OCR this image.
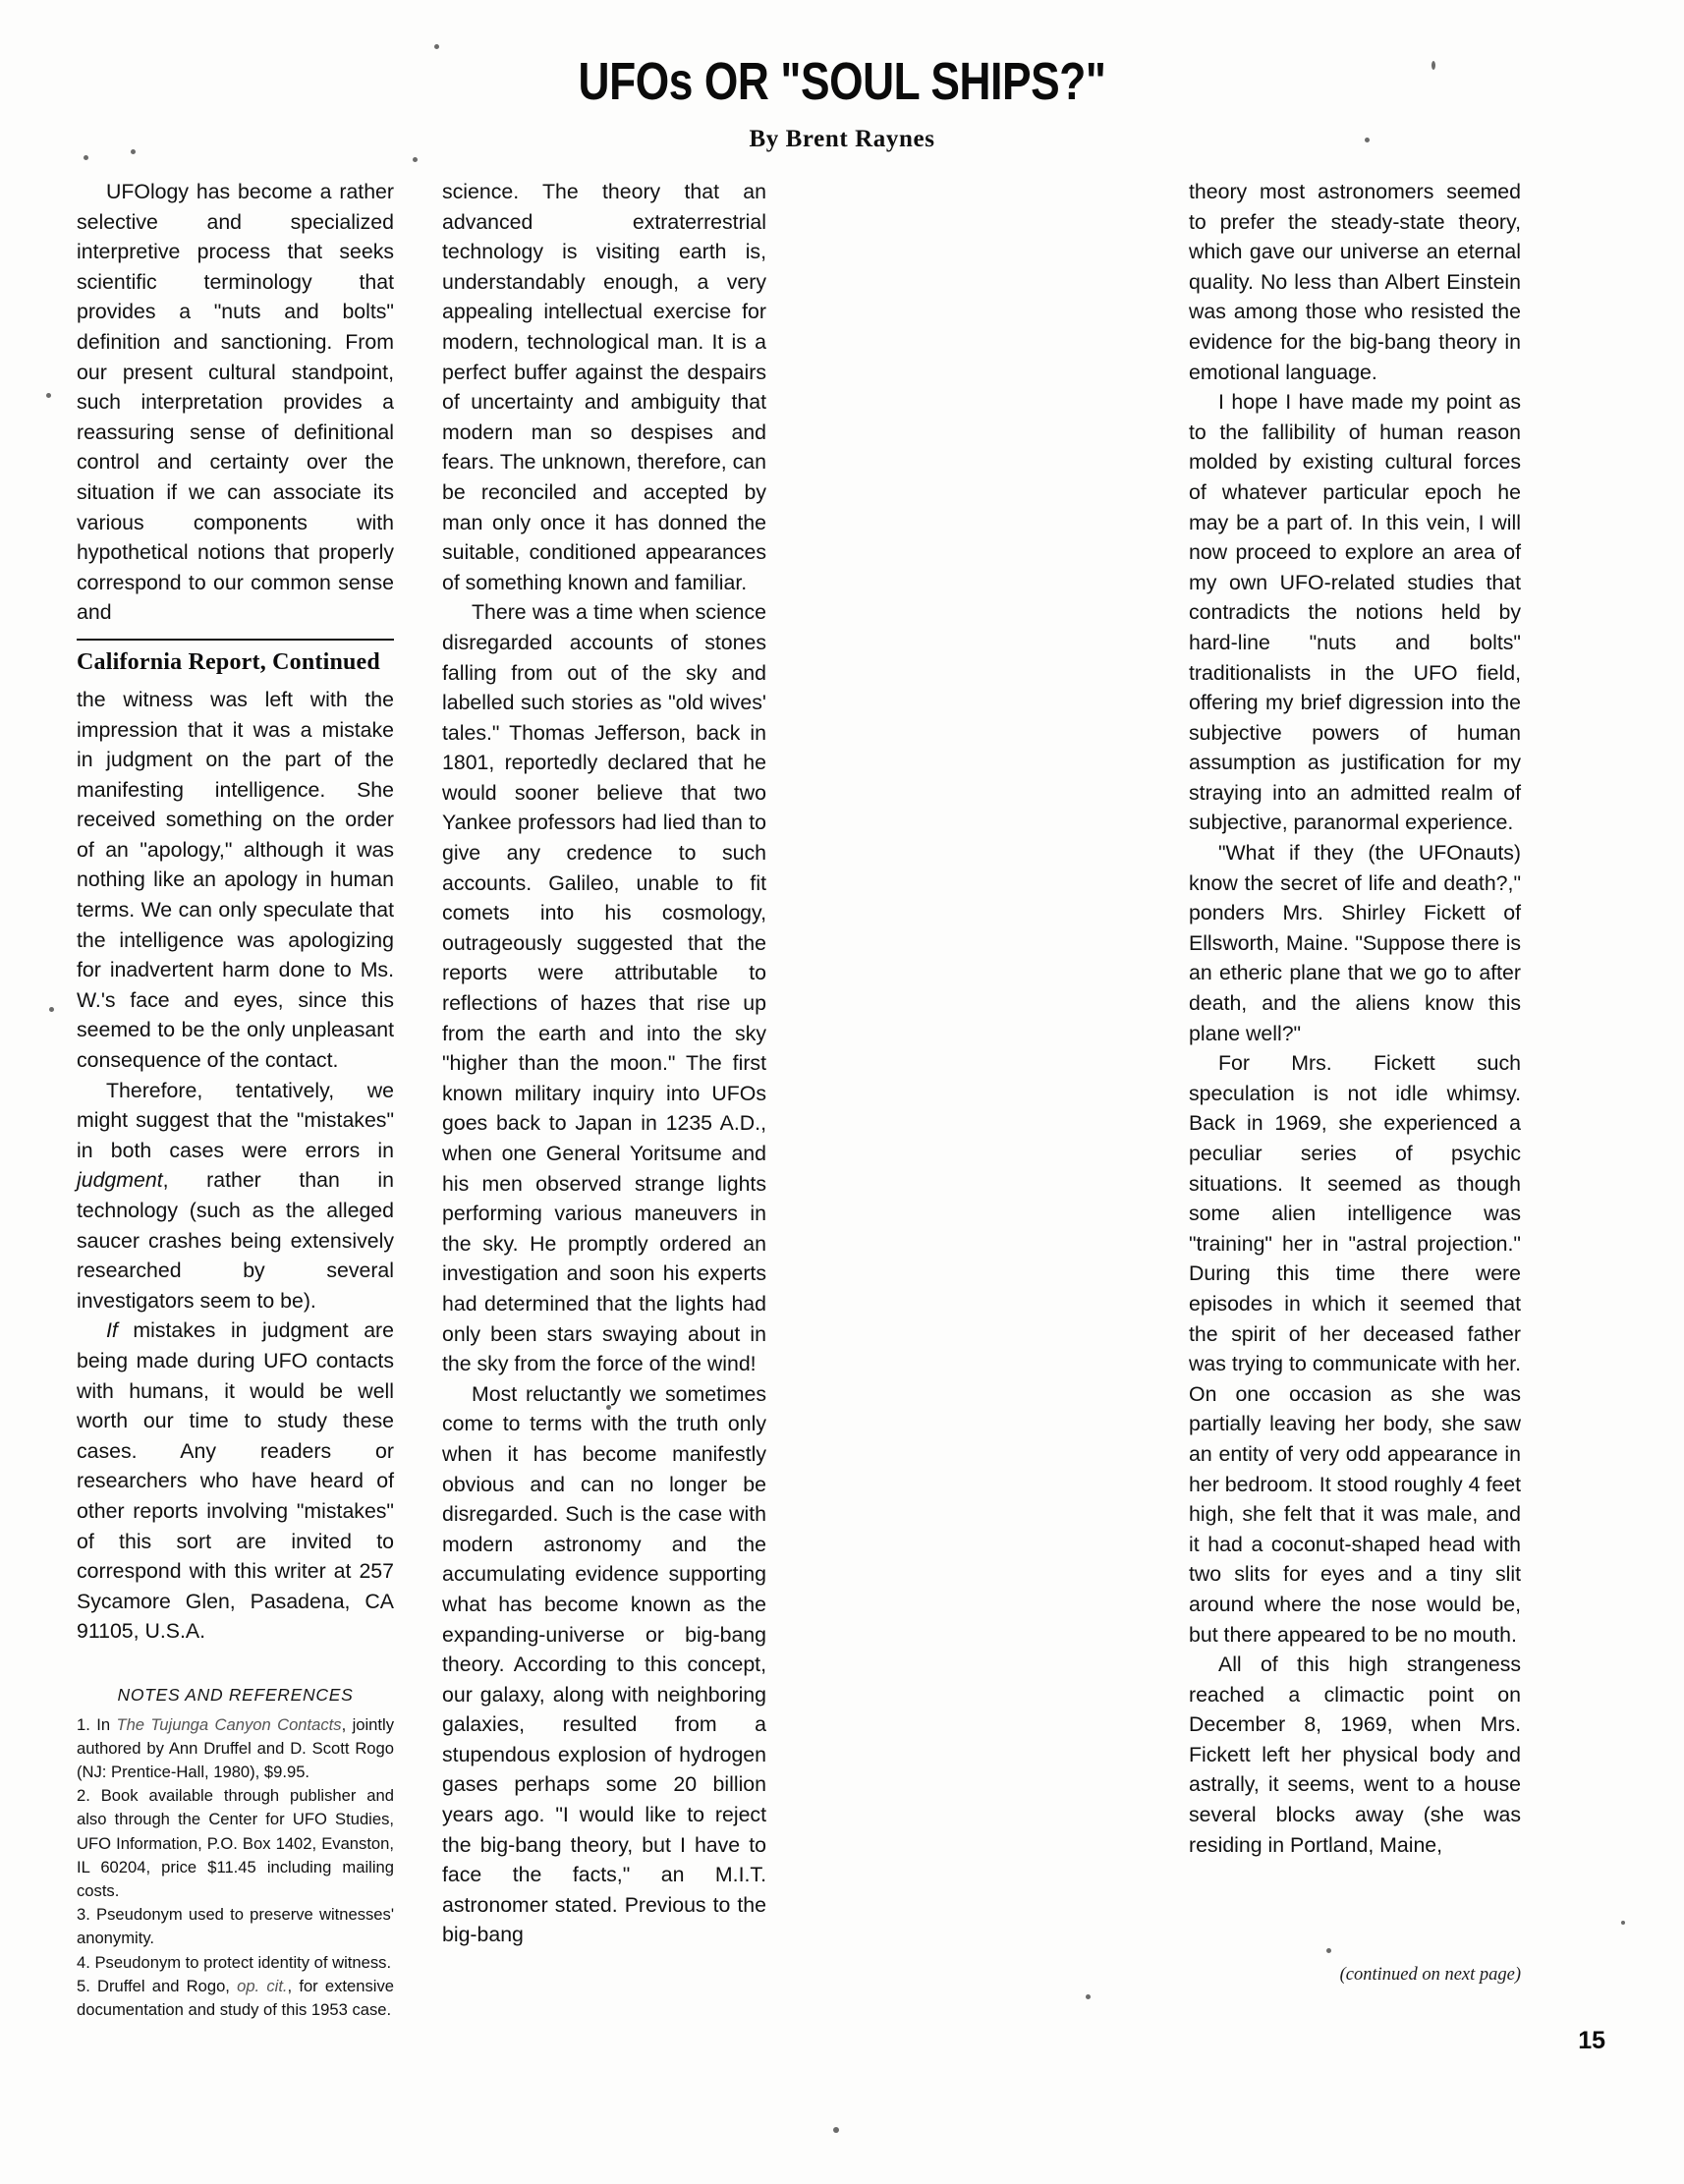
UFOs OR "SOUL SHIPS?"
By Brent Raynes

UFOlogy has become a rather selective and specialized interpretive process that seeks scientific terminology that provides a "nuts and bolts" definition and sanctioning. From our present cultural standpoint, such interpretation provides a reassuring sense of definitional control and certainty over the situation if we can associate its various components with hypothetical notions that properly correspond to our common sense and

California Report, Continued

the witness was left with the impression that it was a mistake in judgment on the part of the manifesting intelligence. She received something on the order of an "apology," although it was nothing like an apology in human terms. We can only speculate that the intelligence was apologizing for inadvertent harm done to Ms. W.'s face and eyes, since this seemed to be the only unpleasant consequence of the contact.

Therefore, tentatively, we might suggest that the "mistakes" in both cases were errors in judgment, rather than in technology (such as the alleged saucer crashes being extensively researched by several investigators seem to be).

If mistakes in judgment are being made during UFO contacts with humans, it would be well worth our time to study these cases. Any readers or researchers who have heard of other reports involving "mistakes" of this sort are invited to correspond with this writer at 257 Sycamore Glen, Pasadena, CA 91105, U.S.A.

NOTES AND REFERENCES

1. In The Tujunga Canyon Contacts, jointly authored by Ann Druffel and D. Scott Rogo (NJ: Prentice-Hall, 1980), $9.95.

2. Book available through publisher and also through the Center for UFO Studies, UFO Information, P.O. Box 1402, Evanston, IL 60204, price $11.45 including mailing costs.

3. Pseudonym used to preserve witnesses' anonymity.

4. Pseudonym to protect identity of witness.

5. Druffel and Rogo, op. cit., for extensive documentation and study of this 1953 case.

science. The theory that an advanced extraterrestrial technology is visiting earth is, understandably enough, a very appealing intellectual exercise for modern, technological man. It is a perfect buffer against the despairs of uncertainty and ambiguity that modern man so despises and fears. The unknown, therefore, can be reconciled and accepted by man only once it has donned the suitable, conditioned appearances of something known and familiar.

There was a time when science disregarded accounts of stones falling from out of the sky and labelled such stories as "old wives' tales." Thomas Jefferson, back in 1801, reportedly declared that he would sooner believe that two Yankee professors had lied than to give any credence to such accounts. Galileo, unable to fit comets into his cosmology, outrageously suggested that the reports were attributable to reflections of hazes that rise up from the earth and into the sky "higher than the moon." The first known military inquiry into UFOs goes back to Japan in 1235 A.D., when one General Yoritsume and his men observed strange lights performing various maneuvers in the sky. He promptly ordered an investigation and soon his experts had determined that the lights had only been stars swaying about in the sky from the force of the wind!

Most reluctantly we sometimes come to terms with the truth only when it has become manifestly obvious and can no longer be disregarded. Such is the case with modern astronomy and the accumulating evidence supporting what has become known as the expanding-universe or big-bang theory. According to this concept, our galaxy, along with neighboring galaxies, resulted from a stupendous explosion of hydrogen gases perhaps some 20 billion years ago. "I would like to reject the big-bang theory, but I have to face the facts," an M.I.T. astronomer stated. Previous to the big-bang

theory most astronomers seemed to prefer the steady-state theory, which gave our universe an eternal quality. No less than Albert Einstein was among those who resisted the evidence for the big-bang theory in emotional language.

I hope I have made my point as to the fallibility of human reason molded by existing cultural forces of whatever particular epoch he may be a part of. In this vein, I will now proceed to explore an area of my own UFO-related studies that contradicts the notions held by hard-line "nuts and bolts" traditionalists in the UFO field, offering my brief digression into the subjective powers of human assumption as justification for my straying into an admitted realm of subjective, paranormal experience.

"What if they (the UFOnauts) know the secret of life and death?," ponders Mrs. Shirley Fickett of Ellsworth, Maine. "Suppose there is an etheric plane that we go to after death, and the aliens know this plane well?"

For Mrs. Fickett such speculation is not idle whimsy. Back in 1969, she experienced a peculiar series of psychic situations. It seemed as though some alien intelligence was "training" her in "astral projection." During this time there were episodes in which it seemed that the spirit of her deceased father was trying to communicate with her. On one occasion as she was partially leaving her body, she saw an entity of very odd appearance in her bedroom. It stood roughly 4 feet high, she felt that it was male, and it had a coconut-shaped head with two slits for eyes and a tiny slit around where the nose would be, but there appeared to be no mouth.

All of this high strangeness reached a climactic point on December 8, 1969, when Mrs. Fickett left her physical body and astrally, it seems, went to a house several blocks away (she was residing in Portland, Maine,

(continued on next page)
15
